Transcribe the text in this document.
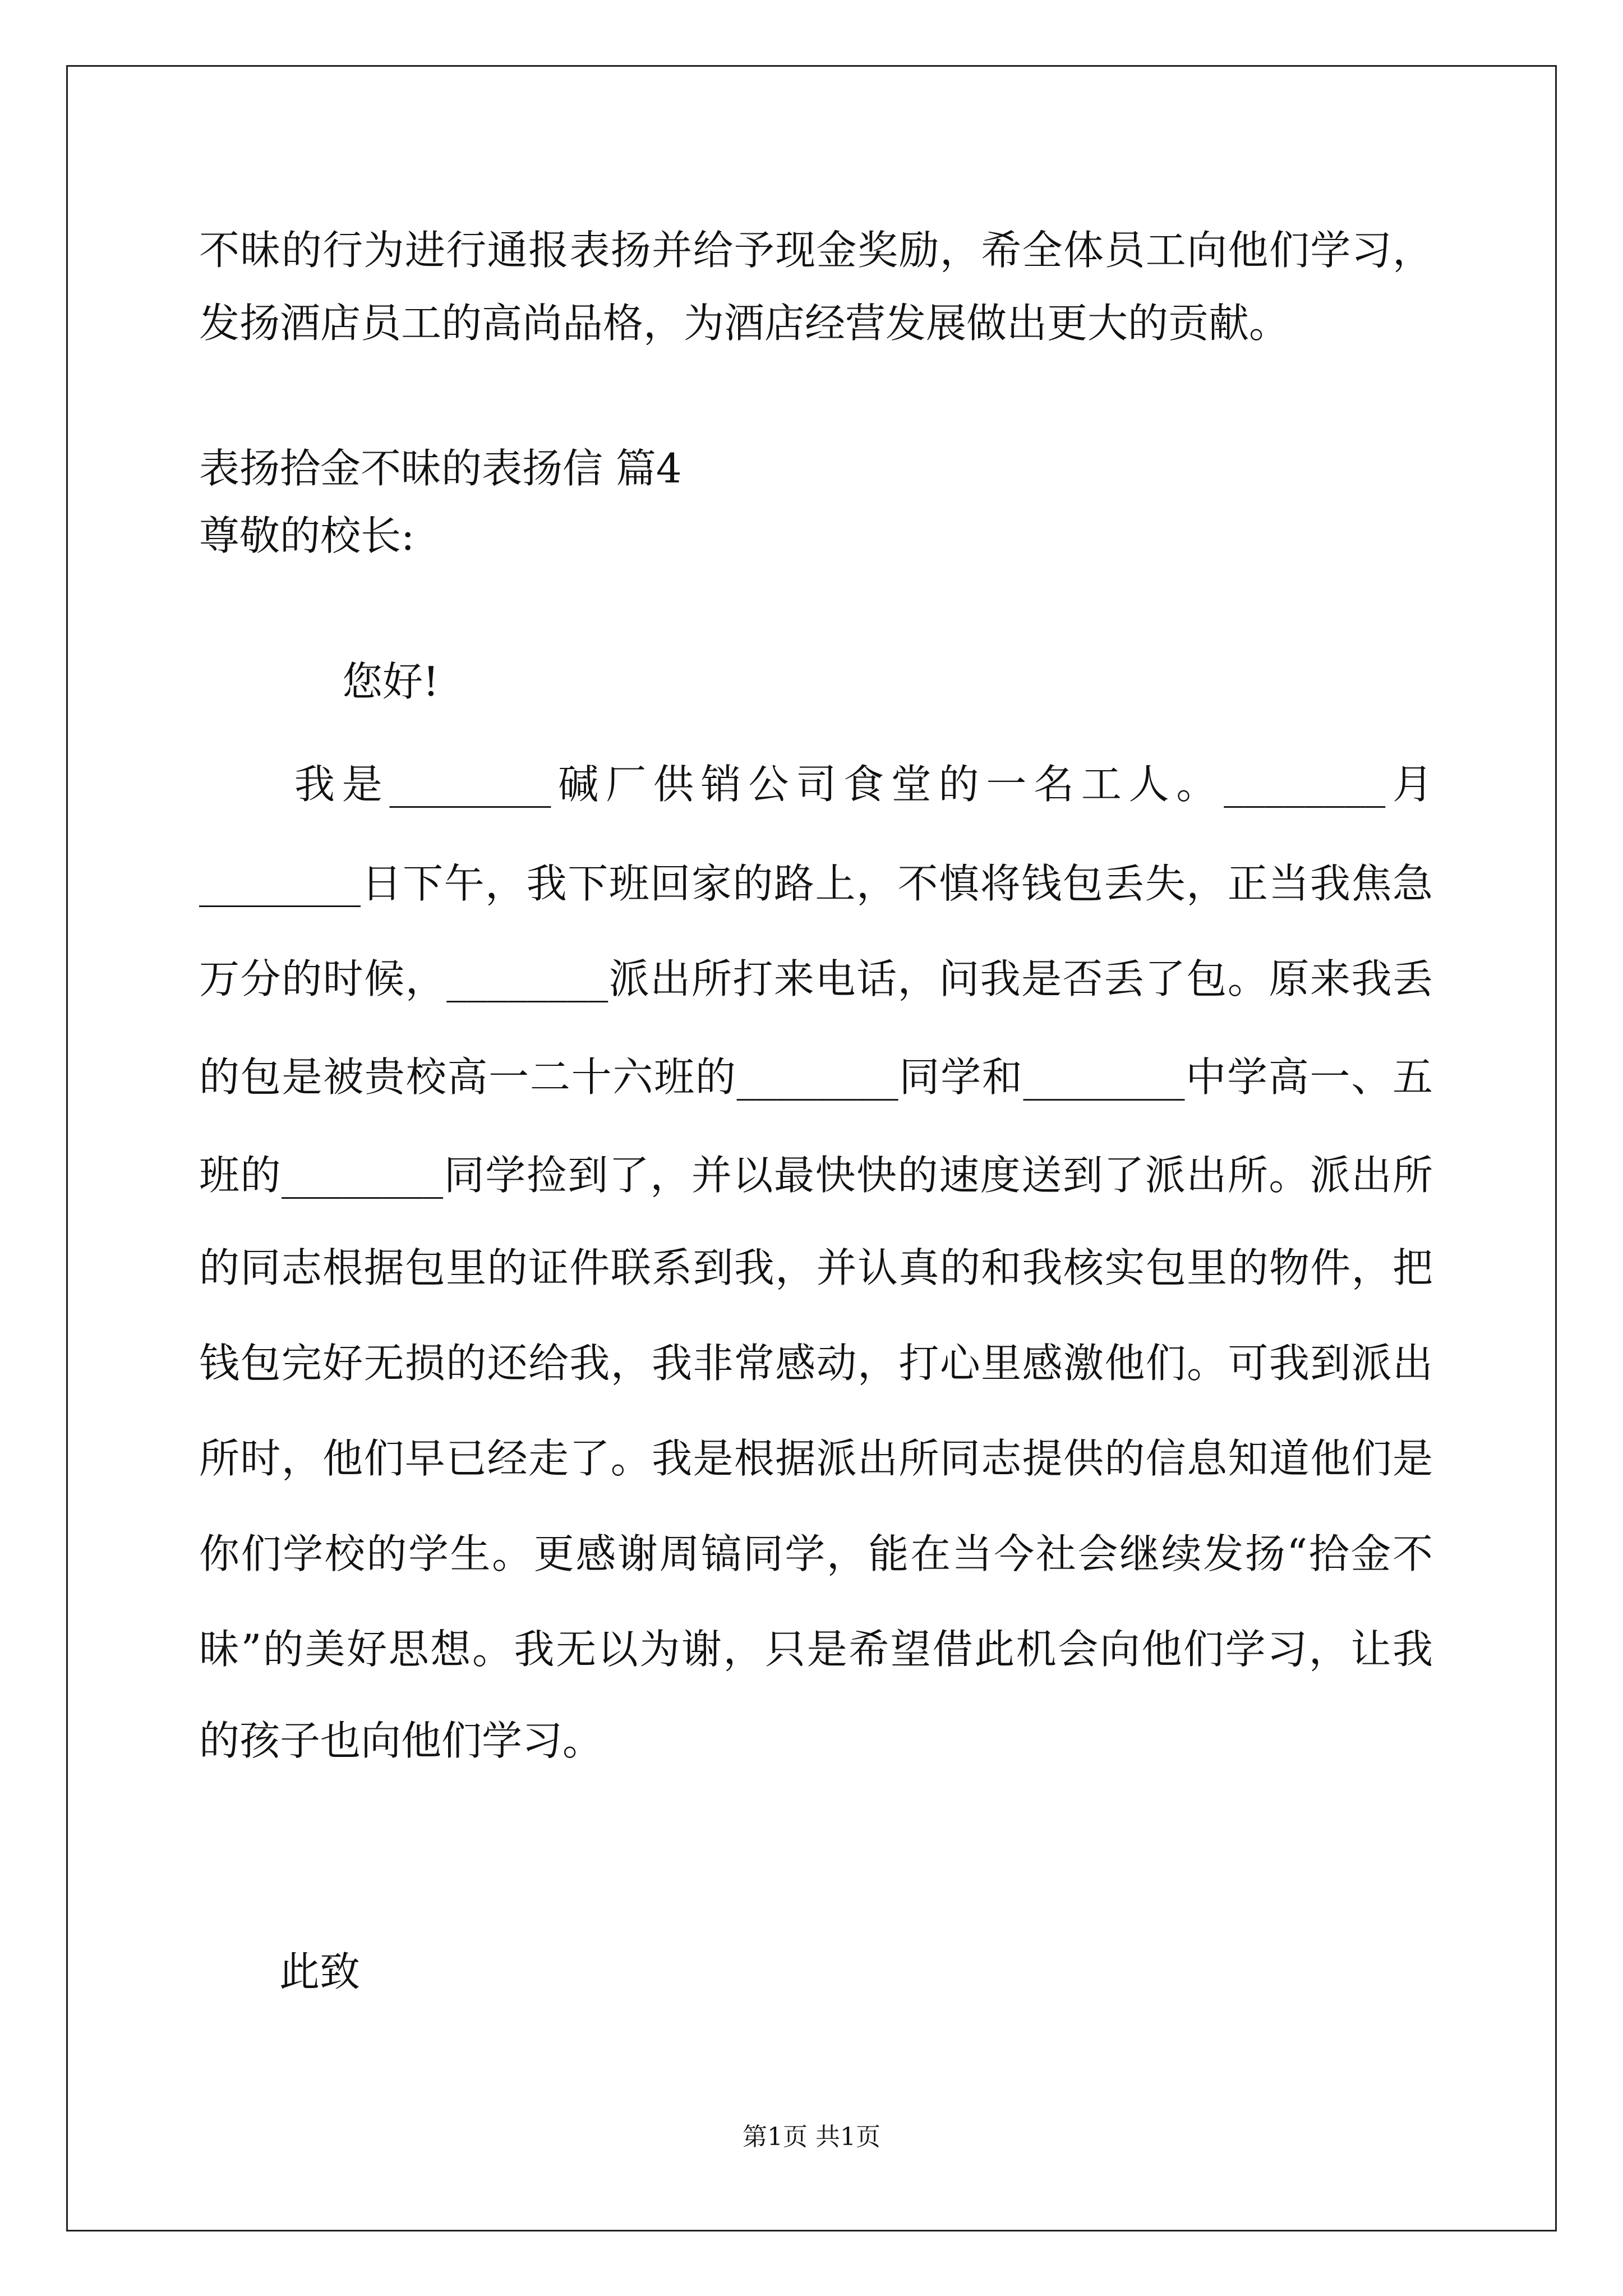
不昧的行为进行通报表扬并给予现金奖励，希全体员工向他们学习，
发扬酒店员工的高尚品格，为酒店经营发展做出更大的贡献。
表扬拾金不昧的表扬信 篇4
尊敬的校长:
您好!
我是________碱厂供销公司食堂的一名工人。________月
________日下午，我下班回家的路上，不慎将钱包丢失，正当我焦急
万分的时候，________派出所打来电话，问我是否丢了包。原来我丢
的包是被贵校高一二十六班的________同学和________中学高一、五
班的________同学捡到了，并以最快快的速度送到了派出所。派出所
的同志根据包里的证件联系到我，并认真的和我核实包里的物件，把
钱包完好无损的还给我，我非常感动，打心里感激他们。可我到派出
所时，他们早已经走了。我是根据派出所同志提供的信息知道他们是
你们学校的学生。更感谢周镐同学，能在当今社会继续发扬“拾金不
昧”的美好思想。我无以为谢，只是希望借此机会向他们学习，让我
的孩子也向他们学习。
此致
第1页 共1页
